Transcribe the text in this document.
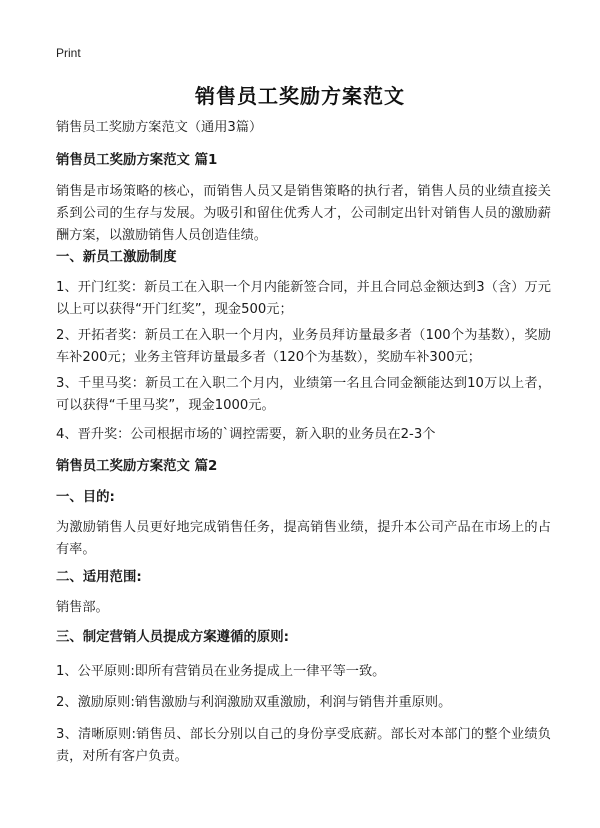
Print
销售员工奖励方案范文
销售员工奖励方案范文（通用3篇）
销售员工奖励方案范文 篇1
销售是市场策略的核心，而销售人员又是销售策略的执行者，销售人员的业绩直接关系到公司的生存与发展。为吸引和留住优秀人才，公司制定出针对销售人员的激励薪酬方案，以激励销售人员创造佳绩。
一、新员工激励制度
1、开门红奖：新员工在入职一个月内能新签合同，并且合同总金额达到3（含）万元以上可以获得“开门红奖”，现金500元；
2、开拓者奖：新员工在入职一个月内，业务员拜访量最多者（100个为基数），奖励车补200元；业务主管拜访量最多者（120个为基数），奖励车补300元；
3、千里马奖：新员工在入职二个月内，业绩第一名且合同金额能达到10万以上者，可以获得“千里马奖”，现金1000元。
4、晋升奖：公司根据市场的`调控需要，新入职的业务员在2-3个
销售员工奖励方案范文 篇2
一、目的:
为激励销售人员更好地完成销售任务，提高销售业绩，提升本公司产品在市场上的占有率。
二、适用范围:
销售部。
三、制定营销人员提成方案遵循的原则:
1、公平原则:即所有营销员在业务提成上一律平等一致。
2、激励原则:销售激励与利润激励双重激励，利润与销售并重原则。
3、清晰原则:销售员、部长分别以自己的身份享受底薪。部长对本部门的整个业绩负责，对所有客户负责。
